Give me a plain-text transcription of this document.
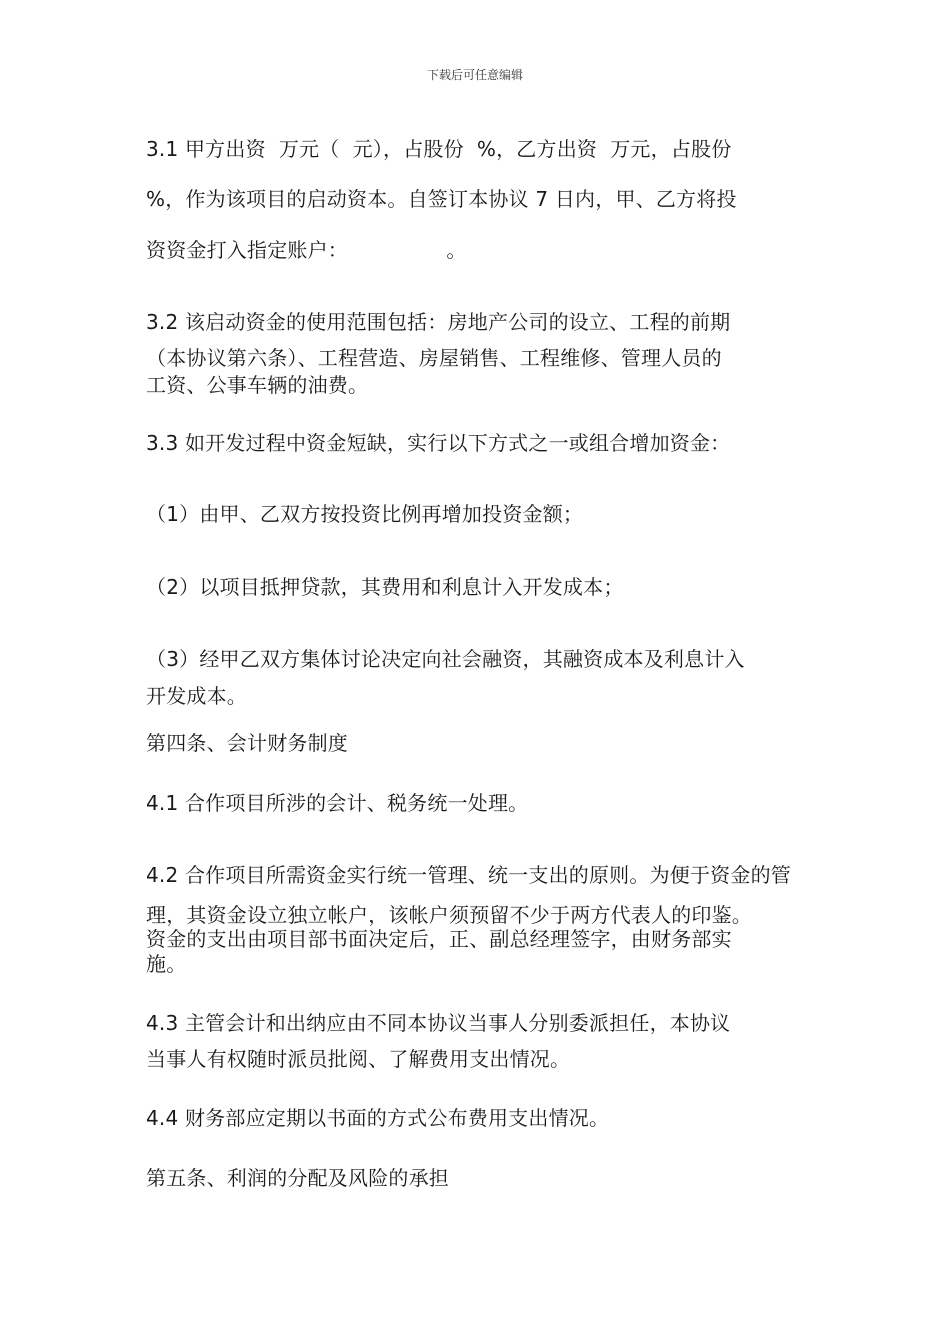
下载后可任意编辑
3.1 甲方出资  万元（  元），占股份  %，乙方出资  万元，占股份
%，作为该项目的启动资本。自签订本协议 7 日内，甲、乙方将投
资资金打入指定账户：               。
3.2 该启动资金的使用范围包括：房地产公司的设立、工程的前期
（本协议第六条）、工程营造、房屋销售、工程维修、管理人员的
工资、公事车辆的油费。
3.3 如开发过程中资金短缺，实行以下方式之一或组合增加资金：
（1）由甲、乙双方按投资比例再增加投资金额；
（2）以项目抵押贷款，其费用和利息计入开发成本；
（3）经甲乙双方集体讨论决定向社会融资，其融资成本及利息计入
开发成本。
第四条、会计财务制度
4.1 合作项目所涉的会计、税务统一处理。
4.2 合作项目所需资金实行统一管理、统一支出的原则。为便于资金的管
理，其资金设立独立帐户，该帐户须预留不少于两方代表人的印鉴。
资金的支出由项目部书面决定后，正、副总经理签字，由财务部实
施。
4.3 主管会计和出纳应由不同本协议当事人分别委派担任，本协议
当事人有权随时派员批阅、了解费用支出情况。
4.4 财务部应定期以书面的方式公布费用支出情况。
第五条、利润的分配及风险的承担
